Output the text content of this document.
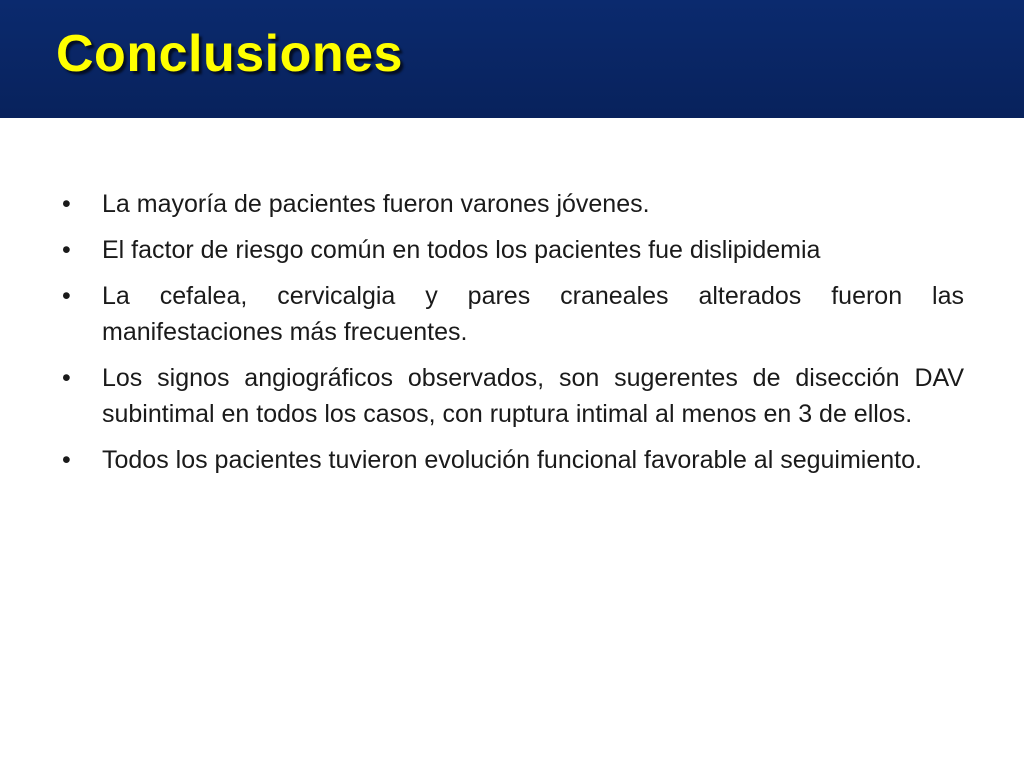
Conclusiones
• La mayoría de pacientes fueron varones jóvenes.
• El factor de riesgo común en todos los pacientes fue dislipidemia
• La cefalea, cervicalgia y pares craneales alterados fueron las manifestaciones más frecuentes.
• Los signos angiográficos observados, son sugerentes de disección DAV subintimal en todos los casos, con ruptura intimal al menos en 3 de ellos.
• Todos los pacientes tuvieron evolución funcional favorable al seguimiento.
